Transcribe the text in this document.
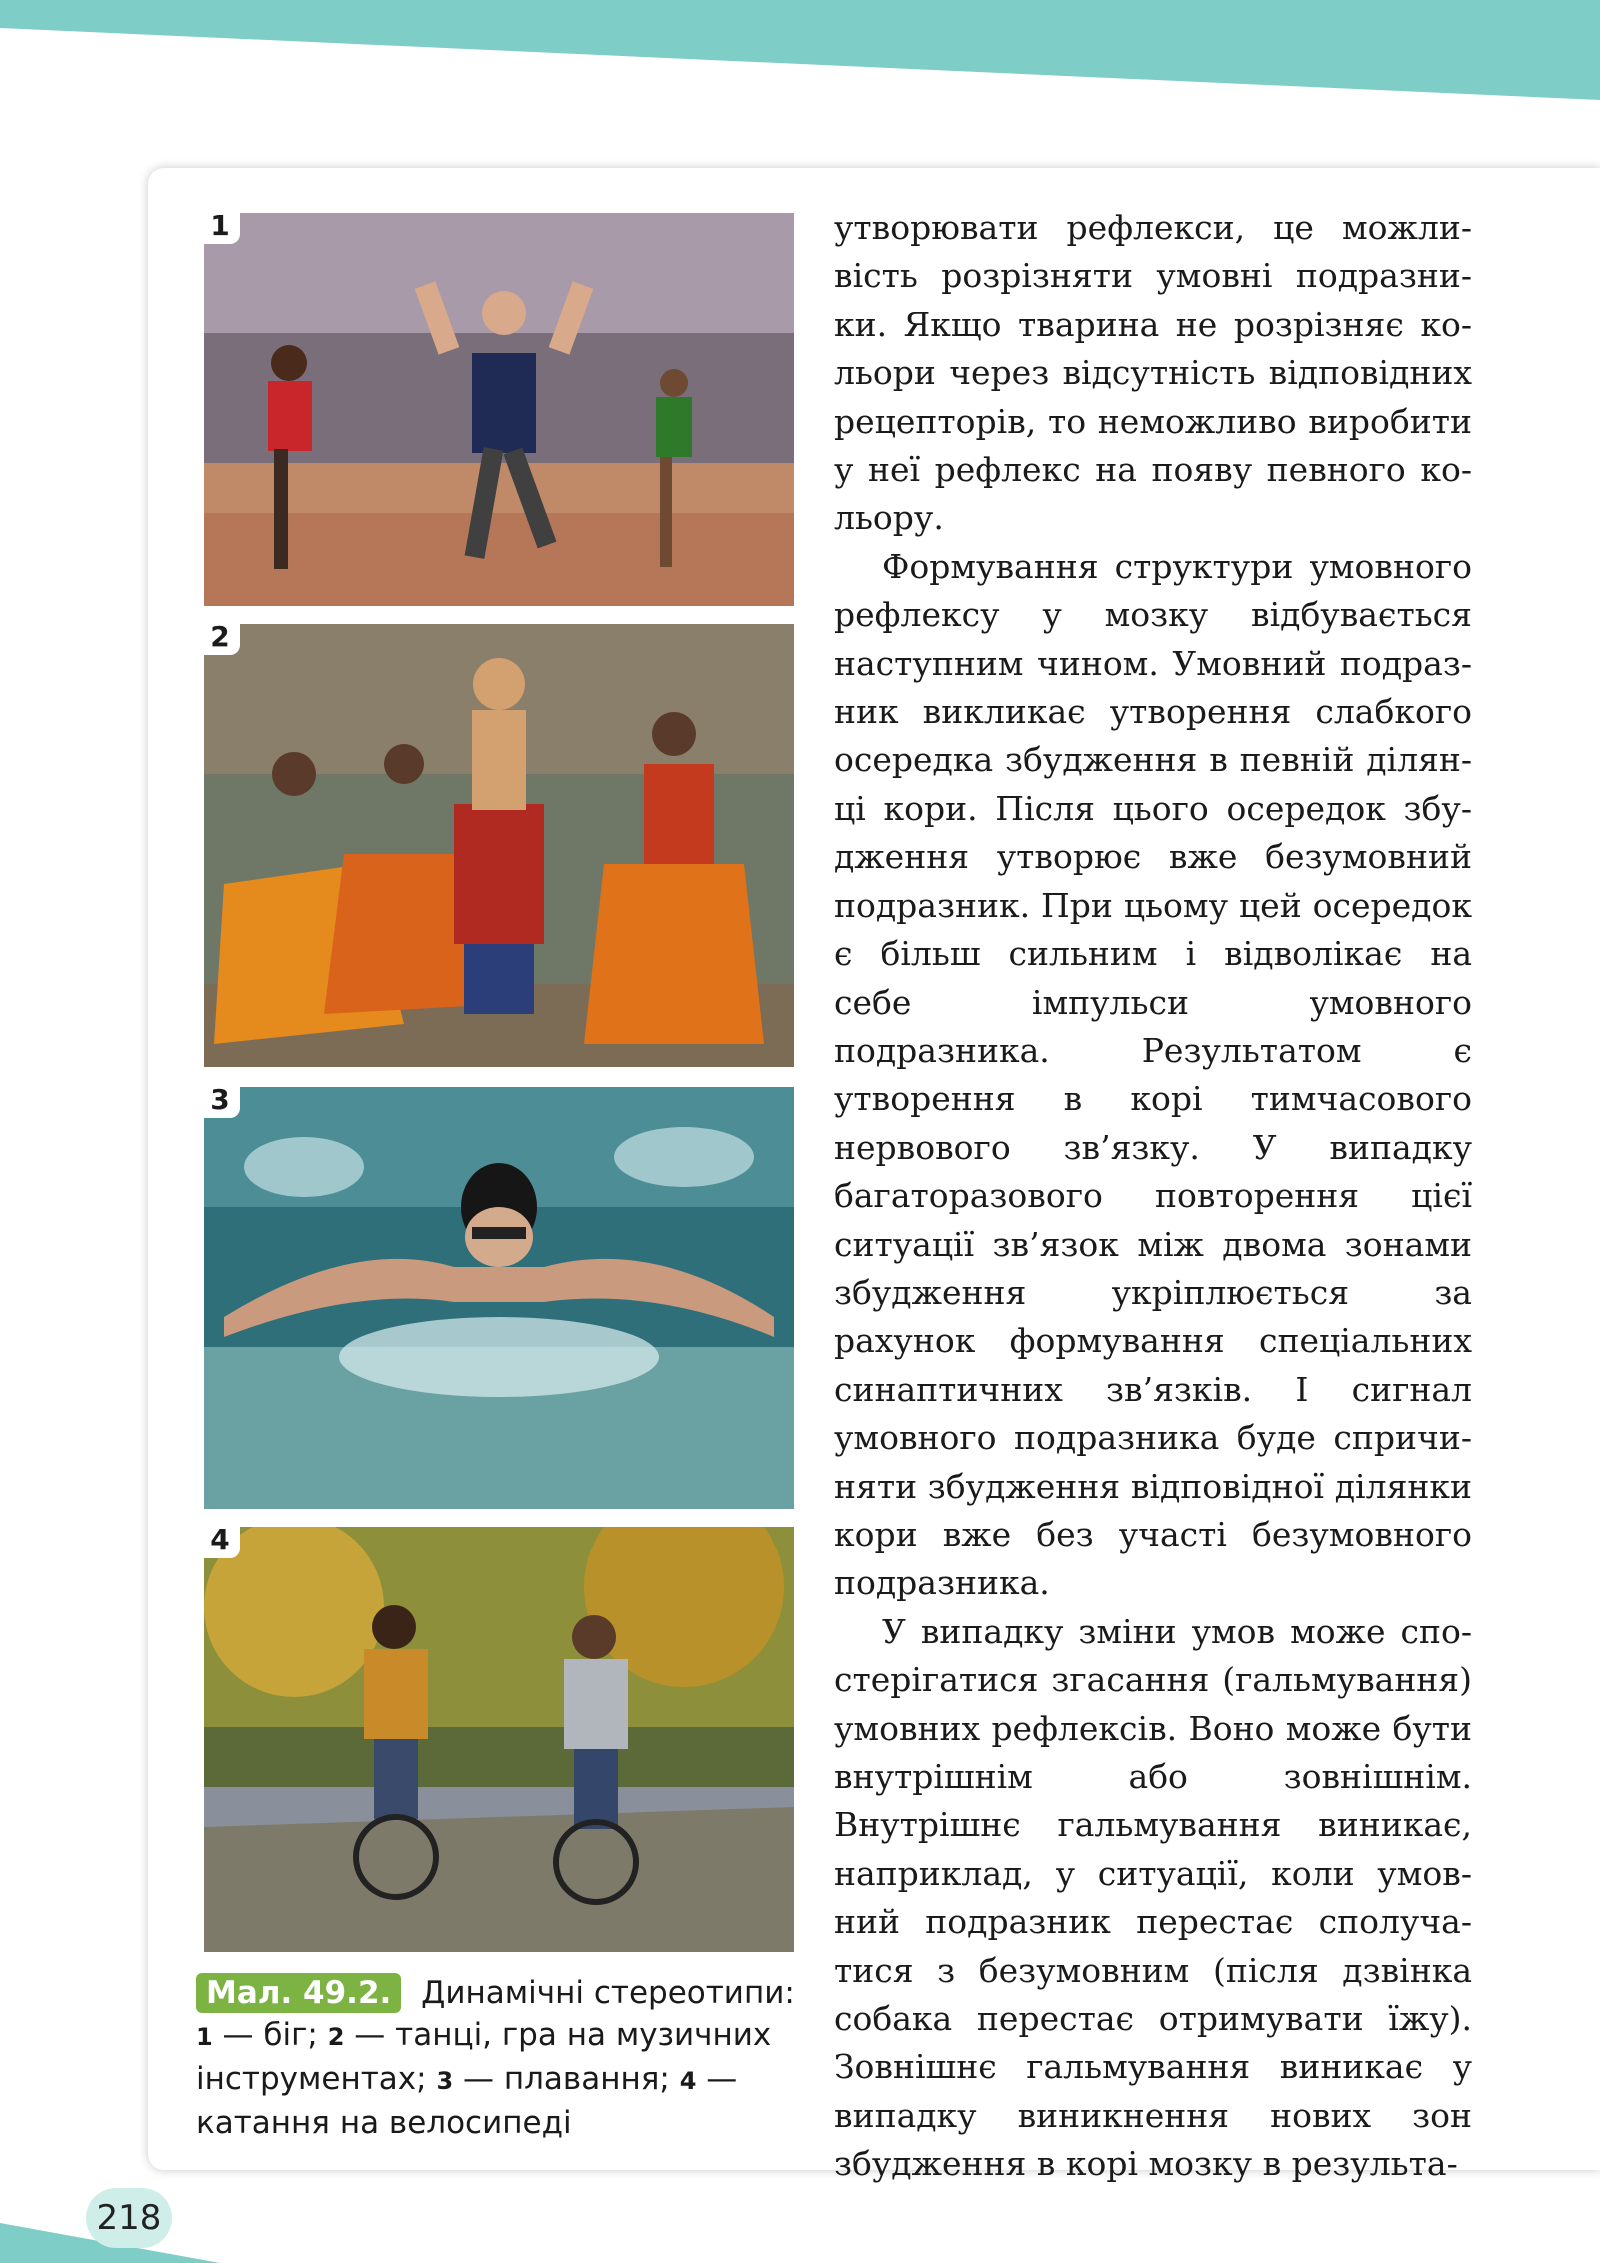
1
2
3
4
Мал. 49.2. Динамічні стереотипи:
1 — біг; 2 — танці, гра на музичних інструментах; 3 — плавання; 4 — катання на велосипеді

утворювати рефлекси, це можливість розрізняти умовні подразники. Якщо тварина не розрізняє кольори через відсутність відповідних рецепторів, то неможливо виробити у неї рефлекс на появу певного кольору.

Формування структури умовного рефлексу у мозку відбувається наступним чином. Умовний подразник викликає утворення слабкого осередка збудження в певній ділянці кори. Після цього осередок збудження утворює вже безумовний подразник. При цьому цей осередок є більш сильним і відволікає на себе імпульси умовного подразника. Результатом є утворення в корі тимчасового нервового зв’язку. У випадку багаторазового повторення цієї ситуації зв’язок між двома зонами збудження укріплюється за рахунок формування спеціальних синаптичних зв’язків. І сигнал умовного подразника буде спричиняти збудження відповідної ділянки кори вже без участі безумовного подразника.

У випадку зміни умов може спостерігатися згасання (гальмування) умовних рефлексів. Воно може бути внутрішнім або зовнішнім. Внутрішнє гальмування виникає, наприклад, у ситуації, коли умовний подразник перестає сполучатися з безумовним (після дзвінка собака перестає отримувати їжу). Зовнішнє гальмування виникає у випадку виникнення нових зон збудження в корі мозку в результа-

218
